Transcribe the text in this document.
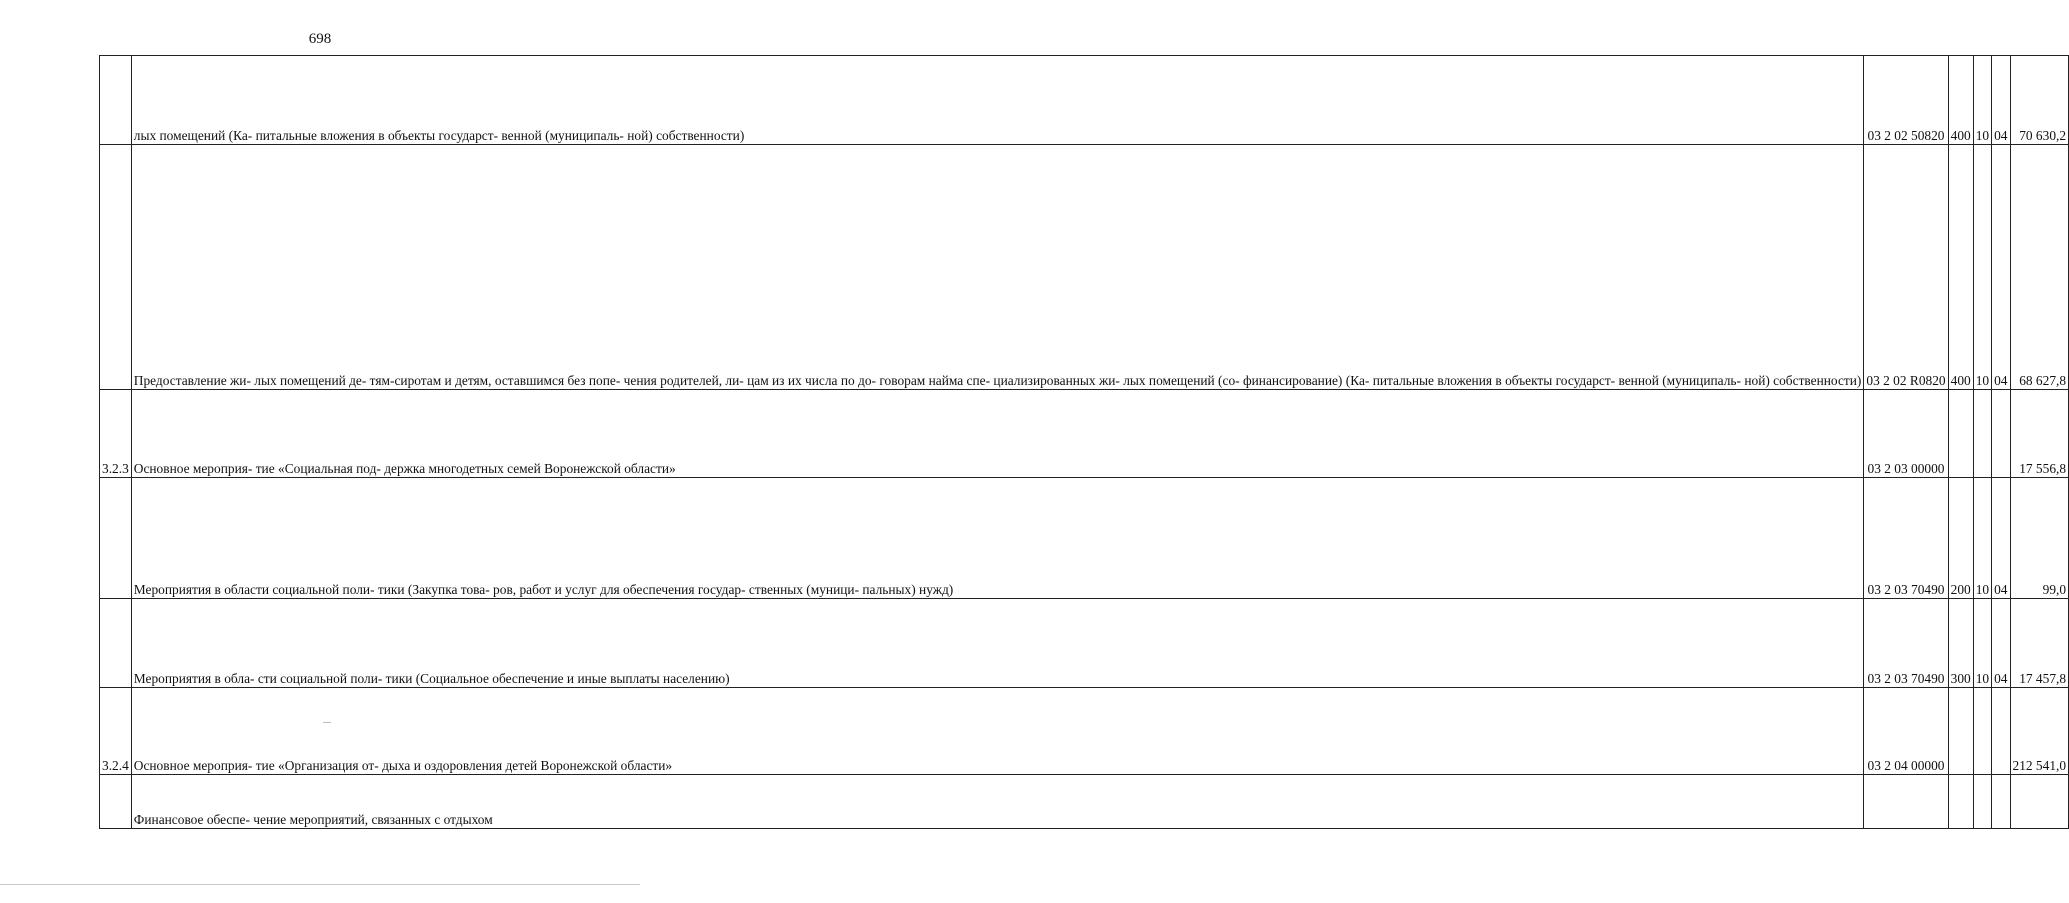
698
	лых помещений (Ка- питальные вложения в объекты государст- венной (муниципаль- ной) собственности)	03 2 02 50820	400	10	04	70 630,2
	Предоставление жи- лых помещений де- тям-сиротам и детям, оставшимся без попе- чения родителей, ли- цам из их числа по до- говорам найма спе- циализированных жи- лых помещений (со- финансирование) (Ка- питальные вложения в объекты государст- венной (муниципаль- ной) собственности)	03 2 02 R0820	400	10	04	68 627,8
3.2.3	Основное мероприя- тие «Социальная под- держка многодетных семей Воронежской области»	03 2 03 00000				17 556,8
	Мероприятия в области социальной поли- тики (Закупка това- ров, работ и услуг для обеспечения государ- ственных (муници- пальных) нужд)	03 2 03 70490	200	10	04	99,0
	Мероприятия в обла- сти социальной поли- тики (Социальное обеспечение и иные выплаты населению)	03 2 03 70490	300	10	04	17 457,8
3.2.4	Основное мероприя- тие «Организация от- дыха и оздоровления детей Воронежской области»	03 2 04 00000				212 541,0
	Финансовое обеспе- чение мероприятий, связанных с отдыхом					
